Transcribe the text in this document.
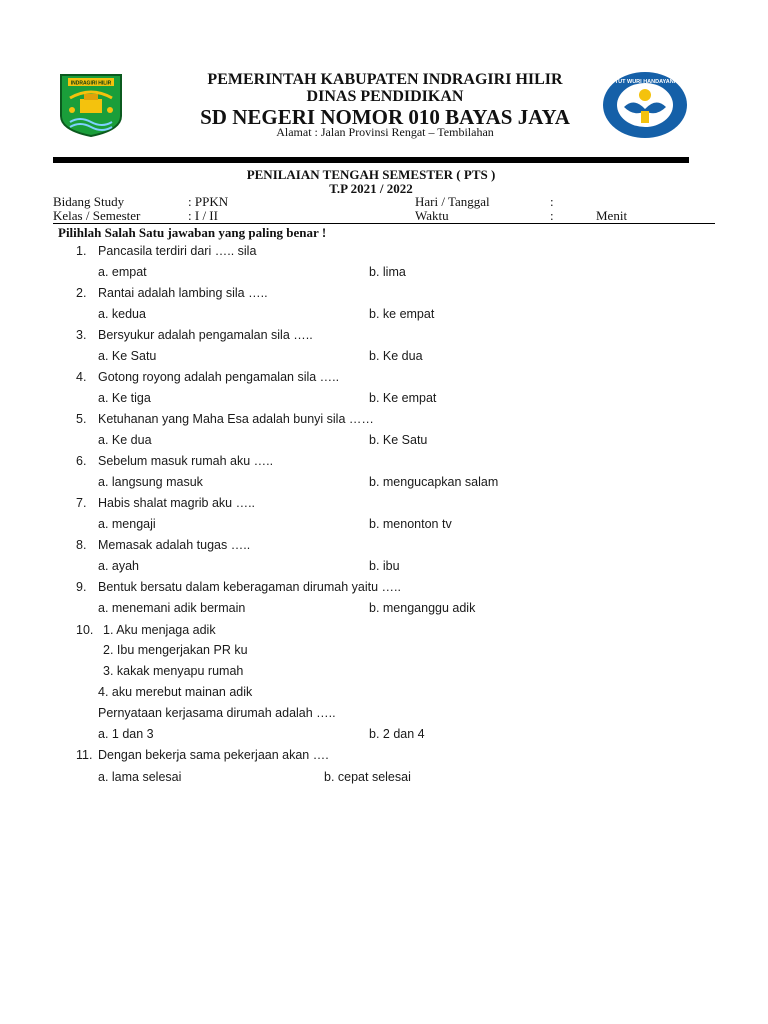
INDRAGIRI HILIR	TUT WURI HANDAYANI
PEMERINTAH KABUPATEN INDRAGIRI HILIR
DINAS PENDIDIKAN
SD NEGERI NOMOR 010 BAYAS JAYA
Alamat : Jalan Provinsi Rengat – Tembilahan
PENILAIAN TENGAH SEMESTER ( PTS )
T.P 2021 / 2022
Bidang Study	: PPKN	Hari / Tanggal	:
Kelas / Semester	: I / II	Waktu	:	Menit
Pilihlah Salah Satu jawaban yang paling benar !
1. Pancasila terdiri dari ….. sila
a. empat	b. lima
2. Rantai adalah lambing sila …..
a. kedua	b. ke empat
3. Bersyukur adalah pengamalan sila …..
a. Ke Satu	b. Ke dua
4. Gotong royong adalah pengamalan sila …..
a. Ke tiga	b. Ke empat
5. Ketuhanan yang Maha Esa adalah bunyi sila ……
a. Ke dua	b. Ke Satu
6. Sebelum masuk rumah aku …..
a. langsung masuk	b. mengucapkan salam
7. Habis shalat magrib aku …..
a. mengaji	b. menonton tv
8. Memasak adalah tugas …..
a. ayah	b. ibu
9. Bentuk bersatu dalam keberagaman dirumah yaitu …..
a. menemani adik bermain	b. menganggu adik
10. 1. Aku menjaga adik
2. Ibu mengerjakan PR ku
3. kakak menyapu rumah
4. aku merebut mainan adik
Pernyataan kerjasama dirumah adalah …..
a. 1 dan 3	b. 2 dan 4
11. Dengan bekerja sama pekerjaan akan ….
a. lama selesai	b. cepat selesai
